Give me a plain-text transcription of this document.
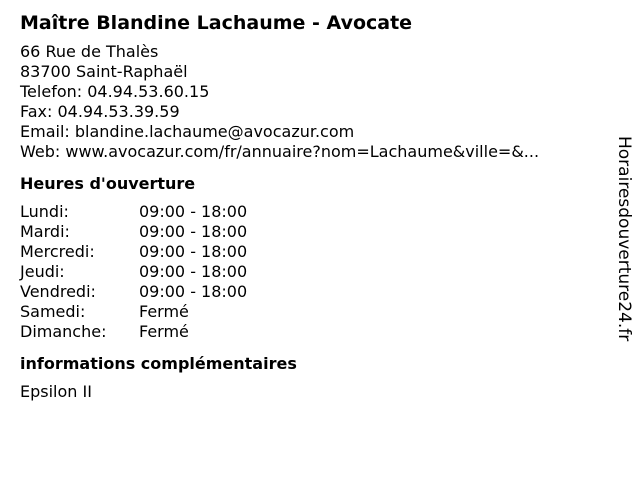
Maître Blandine Lachaume - Avocate
66 Rue de Thalès
83700 Saint-Raphaël
Telefon: 04.94.53.60.15
Fax: 04.94.53.39.59
Email: blandine.lachaume@avocazur.com
Web: www.avocazur.com/fr/annuaire?nom=Lachaume&ville=&...
Heures d'ouverture
Lundi:	09:00 - 18:00
Mardi:	09:00 - 18:00
Mercredi:	09:00 - 18:00
Jeudi:	09:00 - 18:00
Vendredi:	09:00 - 18:00
Samedi:	Fermé
Dimanche:	Fermé
informations complémentaires
Epsilon II
Horairesdouverture24.fr
